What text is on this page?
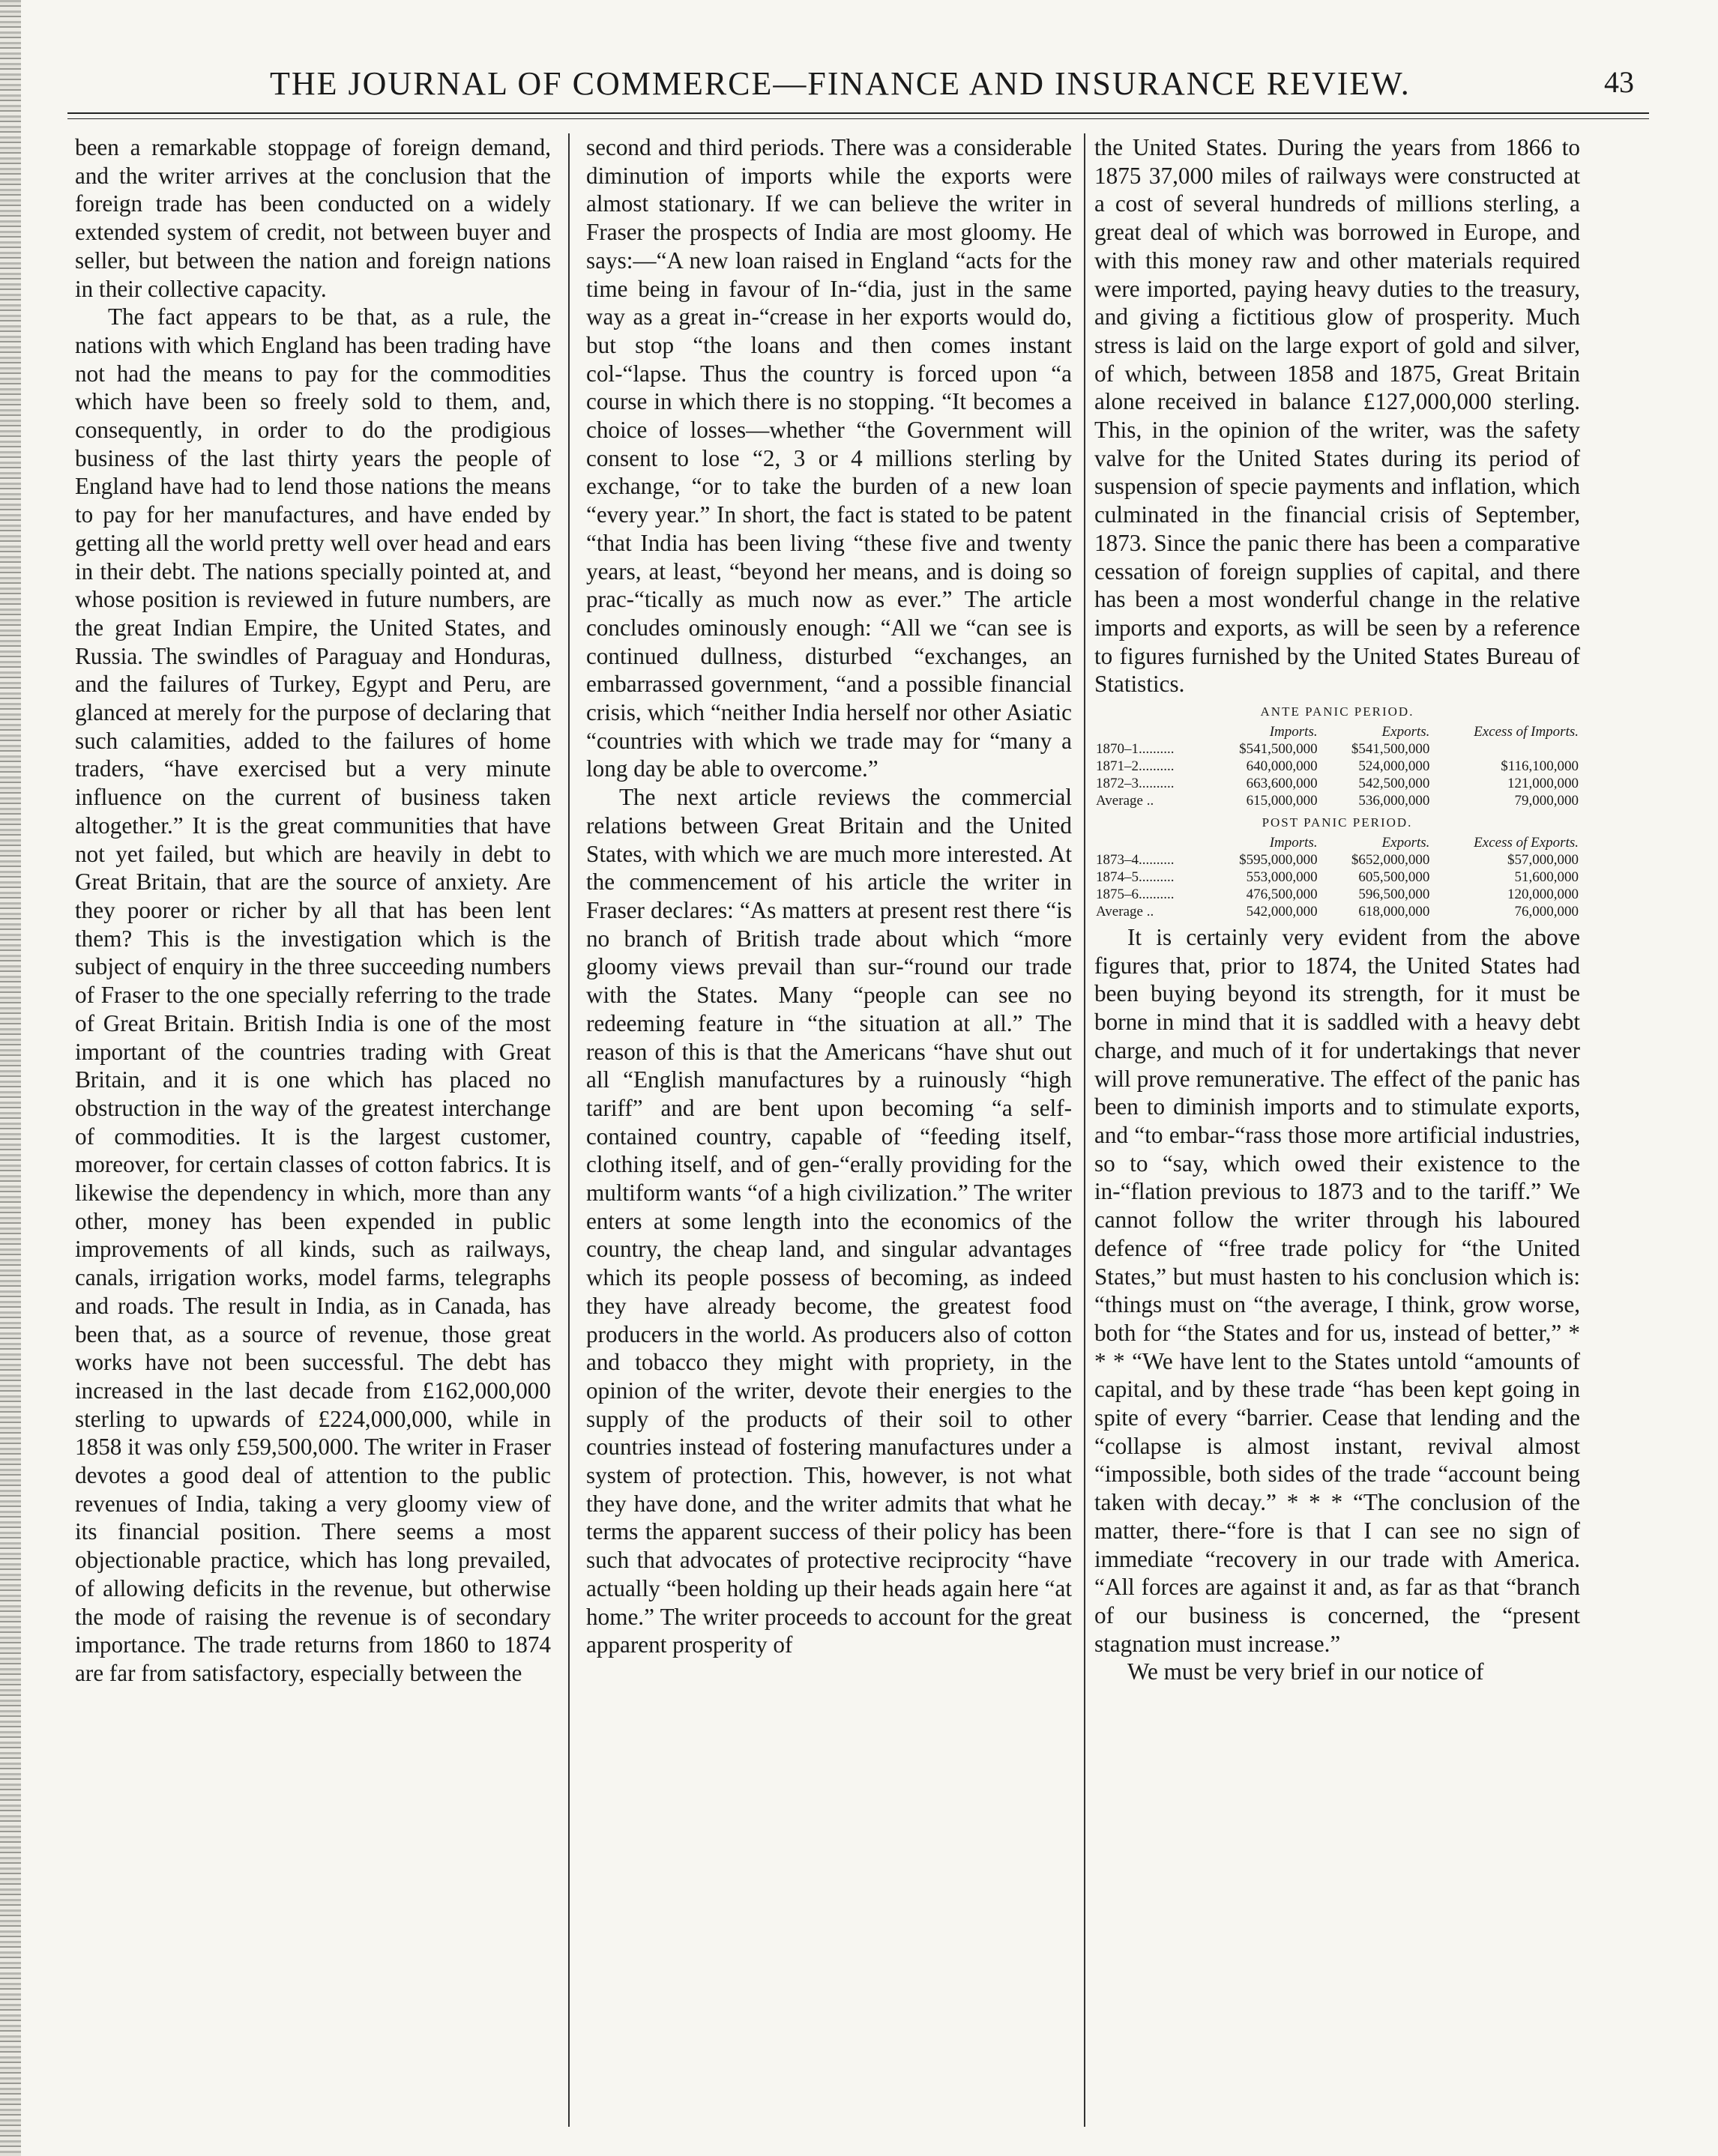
THE JOURNAL OF COMMERCE—FINANCE AND INSURANCE REVIEW.	43

been a remarkable stoppage of foreign demand, and the writer arrives at the conclusion that the foreign trade has been conducted on a widely extended system of credit, not between buyer and seller, but between the nation and foreign nations in their collective capacity.

The fact appears to be that, as a rule, the nations with which England has been trading have not had the means to pay for the commodities which have been so freely sold to them, and, consequently, in order to do the prodigious business of the last thirty years the people of England have had to lend those nations the means to pay for her manufactures, and have ended by getting all the world pretty well over head and ears in their debt. The nations specially pointed at, and whose position is reviewed in future numbers, are the great Indian Empire, the United States, and Russia. The swindles of Paraguay and Honduras, and the failures of Turkey, Egypt and Peru, are glanced at merely for the purpose of declaring that such calamities, added to the failures of home traders, “have exercised but a very minute influence on the current of business taken altogether.” It is the great communities that have not yet failed, but which are heavily in debt to Great Britain, that are the source of anxiety. Are they poorer or richer by all that has been lent them? This is the investigation which is the subject of enquiry in the three succeeding numbers of Fraser to the one specially referring to the trade of Great Britain. British India is one of the most important of the countries trading with Great Britain, and it is one which has placed no obstruction in the way of the greatest interchange of commodities. It is the largest customer, moreover, for certain classes of cotton fabrics. It is likewise the dependency in which, more than any other, money has been expended in public improvements of all kinds, such as railways, canals, irrigation works, model farms, telegraphs and roads. The result in India, as in Canada, has been that, as a source of revenue, those great works have not been successful. The debt has increased in the last decade from £162,000,000 sterling to upwards of £224,000,000, while in 1858 it was only £59,500,000. The writer in Fraser devotes a good deal of attention to the public revenues of India, taking a very gloomy view of its financial position. There seems a most objectionable practice, which has long prevailed, of allowing deficits in the revenue, but otherwise the mode of raising the revenue is of secondary importance. The trade returns from 1860 to 1874 are far from satisfactory, especially between the

second and third periods. There was a considerable diminution of imports while the exports were almost stationary. If we can believe the writer in Fraser the prospects of India are most gloomy. He says:—“A new loan raised in England “acts for the time being in favour of In-“dia, just in the same way as a great in-“crease in her exports would do, but stop “the loans and then comes instant col-“lapse. Thus the country is forced upon “a course in which there is no stopping. “It becomes a choice of losses—whether “the Government will consent to lose “2, 3 or 4 millions sterling by exchange, “or to take the burden of a new loan “every year.” In short, the fact is stated to be patent “that India has been living “these five and twenty years, at least, “beyond her means, and is doing so prac-“tically as much now as ever.” The article concludes ominously enough: “All we “can see is continued dullness, disturbed “exchanges, an embarrassed government, “and a possible financial crisis, which “neither India herself nor other Asiatic “countries with which we trade may for “many a long day be able to overcome.”

The next article reviews the commercial relations between Great Britain and the United States, with which we are much more interested. At the commencement of his article the writer in Fraser declares: “As matters at present rest there “is no branch of British trade about which “more gloomy views prevail than sur-“round our trade with the States. Many “people can see no redeeming feature in “the situation at all.” The reason of this is that the Americans “have shut out all “English manufactures by a ruinously “high tariff” and are bent upon becoming “a self-contained country, capable of “feeding itself, clothing itself, and of gen-“erally providing for the multiform wants “of a high civilization.” The writer enters at some length into the economics of the country, the cheap land, and singular advantages which its people possess of becoming, as indeed they have already become, the greatest food producers in the world. As producers also of cotton and tobacco they might with propriety, in the opinion of the writer, devote their energies to the supply of the products of their soil to other countries instead of fostering manufactures under a system of protection. This, however, is not what they have done, and the writer admits that what he terms the apparent success of their policy has been such that advocates of protective reciprocity “have actually “been holding up their heads again here “at home.” The writer proceeds to account for the great apparent prosperity of

the United States. During the years from 1866 to 1875 37,000 miles of railways were constructed at a cost of several hundreds of millions sterling, a great deal of which was borrowed in Europe, and with this money raw and other materials required were imported, paying heavy duties to the treasury, and giving a fictitious glow of prosperity. Much stress is laid on the large export of gold and silver, of which, between 1858 and 1875, Great Britain alone received in balance £127,000,000 sterling. This, in the opinion of the writer, was the safety valve for the United States during its period of suspension of specie payments and inflation, which culminated in the financial crisis of September, 1873. Since the panic there has been a comparative cessation of foreign supplies of capital, and there has been a most wonderful change in the relative imports and exports, as will be seen by a reference to figures furnished by the United States Bureau of Statistics.

ANTE PANIC PERIOD.
	Imports.	Exports.	Excess of Imports.
1870–1..........	$541,500,000	$541,500,000	
1871–2..........	640,000,000	524,000,000	$116,100,000
1872–3..........	663,600,000	542,500,000	121,000,000
Average ..	615,000,000	536,000,000	79,000,000
POST PANIC PERIOD.
	Imports.	Exports.	Excess of Exports.
1873–4..........	$595,000,000	$652,000,000	$57,000,000
1874–5..........	553,000,000	605,500,000	51,600,000
1875–6..........	476,500,000	596,500,000	120,000,000
Average ..	542,000,000	618,000,000	76,000,000

It is certainly very evident from the above figures that, prior to 1874, the United States had been buying beyond its strength, for it must be borne in mind that it is saddled with a heavy debt charge, and much of it for undertakings that never will prove remunerative. The effect of the panic has been to diminish imports and to stimulate exports, and “to embar-“rass those more artificial industries, so to “say, which owed their existence to the in-“flation previous to 1873 and to the tariff.” We cannot follow the writer through his laboured defence of “free trade policy for “the United States,” but must hasten to his conclusion which is: “things must on “the average, I think, grow worse, both for “the States and for us, instead of better,” * * * “We have lent to the States untold “amounts of capital, and by these trade “has been kept going in spite of every “barrier. Cease that lending and the “collapse is almost instant, revival almost “impossible, both sides of the trade “account being taken with decay.” * * * “The conclusion of the matter, there-“fore is that I can see no sign of immediate “recovery in our trade with America. “All forces are against it and, as far as that “branch of our business is concerned, the “present stagnation must increase.”

We must be very brief in our notice of
